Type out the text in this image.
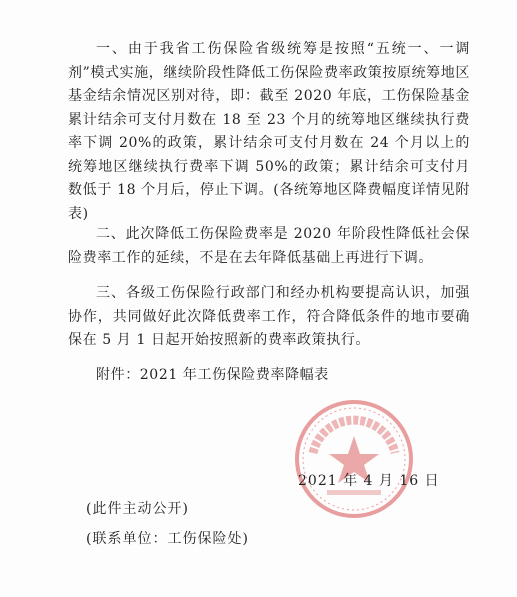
一、由于我省工伤保险省级统筹是按照“五统一、一调剂”模式实施，继续阶段性降低工伤保险费率政策按原统筹地区基金结余情况区别对待，即：截至 2020 年底，工伤保险基金累计结余可支付月数在 18 至 23 个月的统筹地区继续执行费率下调 20%的政策，累计结余可支付月数在 24 个月以上的统筹地区继续执行费率下调 50%的政策；累计结余可支付月数低于 18 个月后，停止下调。(各统筹地区降费幅度详情见附表)

二、此次降低工伤保险费率是 2020 年阶段性降低社会保险费率工作的延续，不是在去年降低基础上再进行下调。

三、各级工伤保险行政部门和经办机构要提高认识，加强协作，共同做好此次降低费率工作，符合降低条件的地市要确保在 5 月 1 日起开始按照新的费率政策执行。

附件：2021 年工伤保险费率降幅表

2021 年 4 月 16 日
(此件主动公开)
(联系单位：工伤保险处)
